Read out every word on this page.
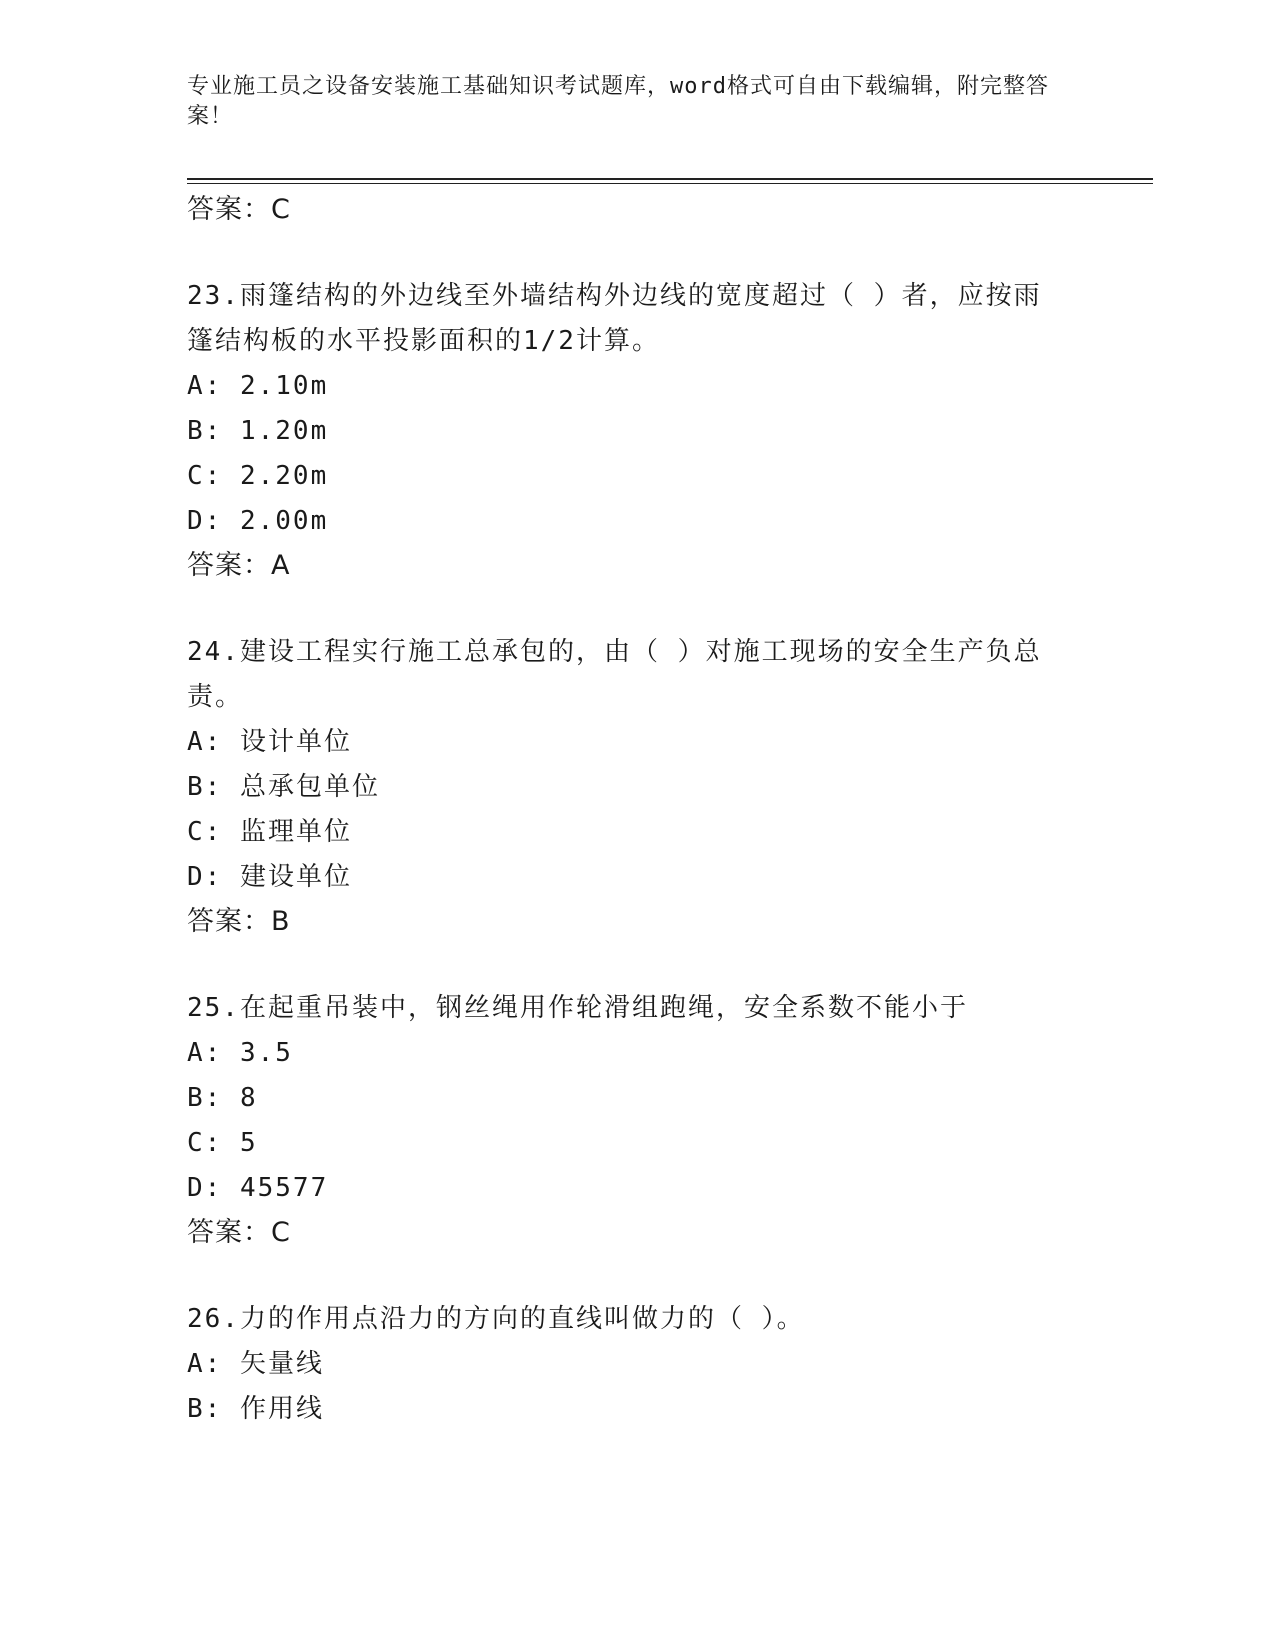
专业施工员之设备安装施工基础知识考试题库，word格式可自由下载编辑，附完整答案！
答案：C
23.雨篷结构的外边线至外墙结构外边线的宽度超过（ ）者，应按雨篷结构板的水平投影面积的1/2计算。
A: 2.10m
B: 1.20m
C: 2.20m
D: 2.00m
答案：A
24.建设工程实行施工总承包的，由（ ）对施工现场的安全生产负总责。
A: 设计单位
B: 总承包单位
C: 监理单位
D: 建设单位
答案：B
25.在起重吊装中，钢丝绳用作轮滑组跑绳，安全系数不能小于
A: 3.5
B: 8
C: 5
D: 45577
答案：C
26.力的作用点沿力的方向的直线叫做力的（ ）。
A: 矢量线
B: 作用线
